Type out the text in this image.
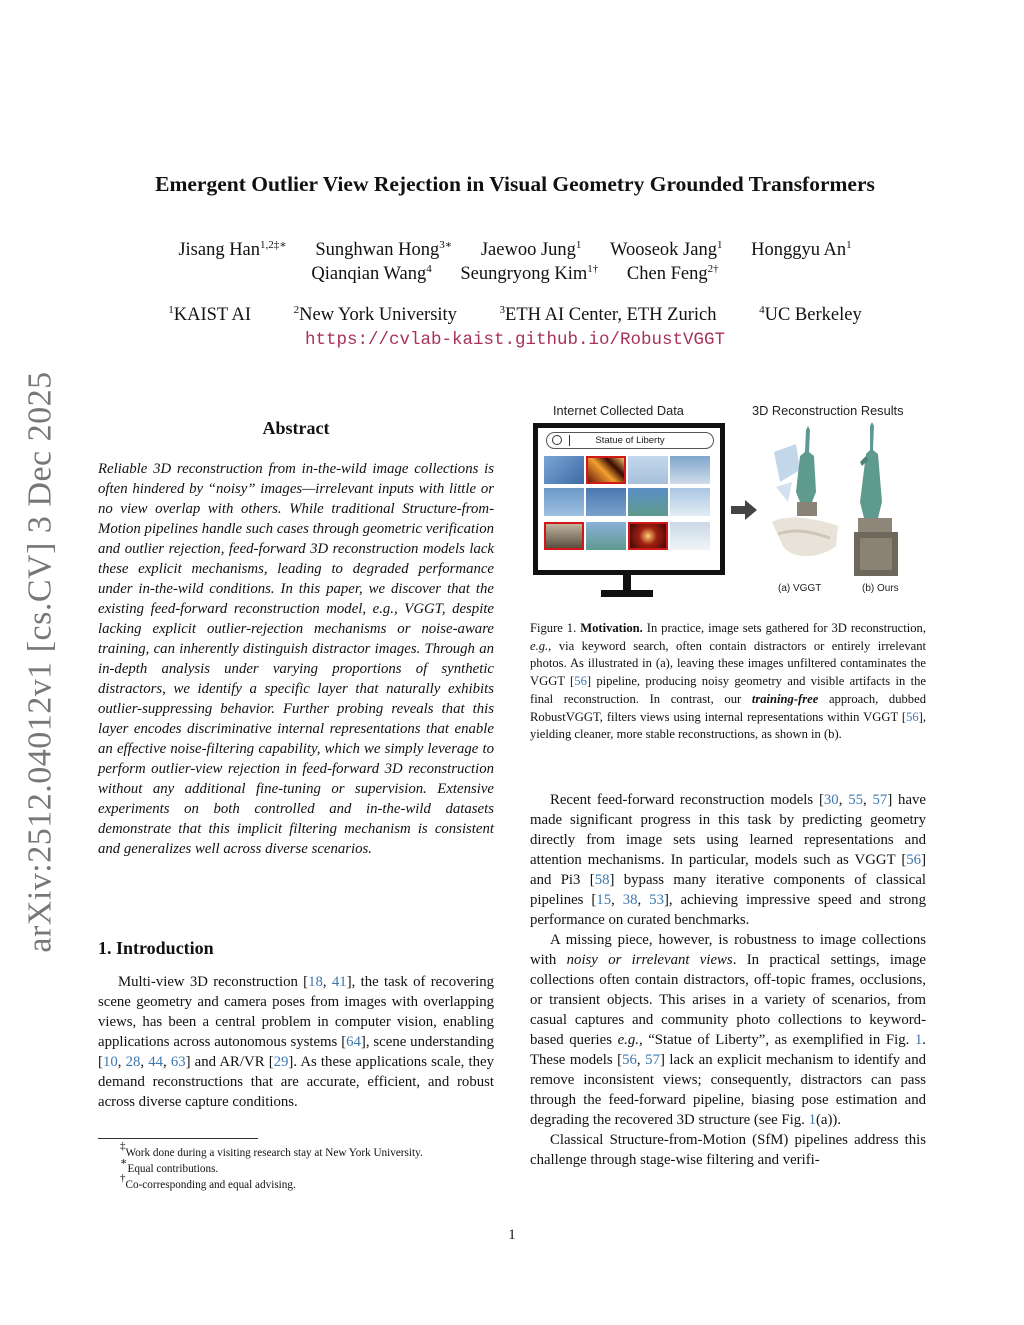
arXiv:2512.04012v1 [cs.CV] 3 Dec 2025
Emergent Outlier View Rejection in Visual Geometry Grounded Transformers
Jisang Han$^{1,2\ddagger∗}$ Sunghwan Hong$^{3∗}$ Jaewoo Jung$^1$ Wooseok Jang$^1$ Honggyu An$^1$
Qianqian Wang$^4$ Seungryong Kim$^{1\dagger}$ Chen Feng$^{2\dagger}$
$^1$KAIST AI	$^2$New York University	$^3$ETH AI Center, ETH Zurich	$^4$UC Berkeley
https://cvlab-kaist.github.io/RobustVGGT
Abstract
Reliable 3D reconstruction from in-the-wild image collections is often hindered by “noisy” images—irrelevant inputs with little or no view overlap with others. While traditional Structure-from-Motion pipelines handle such cases through geometric verification and outlier rejection, feed-forward 3D reconstruction models lack these explicit mechanisms, leading to degraded performance under in-the-wild conditions. In this paper, we discover that the existing feed-forward reconstruction model, e.g., VGGT, despite lacking explicit outlier-rejection mechanisms or noise-aware training, can inherently distinguish distractor images. Through an in-depth analysis under varying proportions of synthetic distractors, we identify a specific layer that naturally exhibits outlier-suppressing behavior. Further probing reveals that this layer encodes discriminative internal representations that enable an effective noise-filtering capability, which we simply leverage to perform outlier-view rejection in feed-forward 3D reconstruction without any additional fine-tuning or supervision. Extensive experiments on both controlled and in-the-wild datasets demonstrate that this implicit filtering mechanism is consistent and generalizes well across diverse scenarios.
1. Introduction

Multi-view 3D reconstruction [18, 41], the task of recovering scene geometry and camera poses from images with overlapping views, has been a central problem in computer vision, enabling applications across autonomous systems [64], scene understanding [10, 28, 44, 63] and AR/VR [29]. As these applications scale, they demand reconstructions that are accurate, efficient, and robust across diverse capture conditions.

‡Work done during a visiting research stay at New York University.
∗Equal contributions.
†Co-corresponding and equal advising.
Internet Collected Data	3D Reconstruction Results
Statue of Liberty
(a) VGGT	(b) Ours
Figure 1. Motivation. In practice, image sets gathered for 3D reconstruction, e.g., via keyword search, often contain distractors or entirely irrelevant photos. As illustrated in (a), leaving these images unfiltered contaminates the VGGT [56] pipeline, producing noisy geometry and visible artifacts in the final reconstruction. In contrast, our training-free approach, dubbed RobustVGGT, filters views using internal representations within VGGT [56], yielding cleaner, more stable reconstructions, as shown in (b).

Recent feed-forward reconstruction models [30, 55, 57] have made significant progress in this task by predicting geometry directly from image sets using learned representations and attention mechanisms. In particular, models such as VGGT [56] and Pi3 [58] bypass many iterative components of classical pipelines [15, 38, 53], achieving impressive speed and strong performance on curated benchmarks.

A missing piece, however, is robustness to image collections with noisy or irrelevant views. In practical settings, image collections often contain distractors, off-topic frames, occlusions, or transient objects. This arises in a variety of scenarios, from casual captures and community photo collections to keyword-based queries e.g., “Statue of Liberty”, as exemplified in Fig. 1. These models [56, 57] lack an explicit mechanism to identify and remove inconsistent views; consequently, distractors can pass through the feed-forward pipeline, biasing pose estimation and degrading the recovered 3D structure (see Fig. 1(a)).

Classical Structure-from-Motion (SfM) pipelines address this challenge through stage-wise filtering and verifi-

1
